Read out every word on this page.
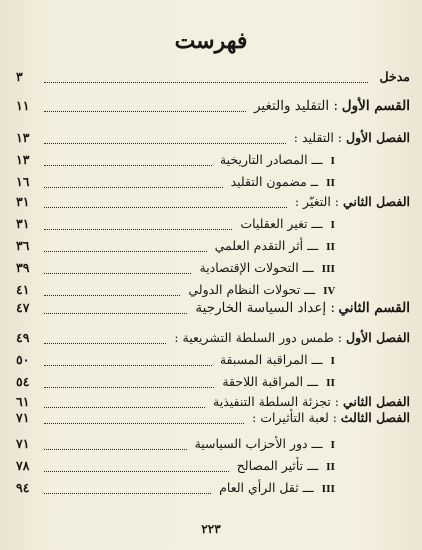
فهرست
مدخل
٣
القسم الأول
: التقليد والتغير
١١
الفصل الأول
: التقليد :
١٣
Iـــ المصادر التاريخية
١٣
IIــ مضمون التقليد
١٦
الفصل الثاني
: التغيّر :
٣١
Iـــ تغير العقليات
٣١
IIـــ أثر التقدم العلمي
٣٦
IIIـــ التحولات الإقتصادية
٣٩
IVـــ تحولات النظام الدولي
٤١
القسم الثاني
: إعداد السياسة الخارجية
٤٧
الفصل الأول
: طمس دور السلطة التشريعية :
٤٩
Iـــ المراقبة المسبقة
٥٠
IIـــ المراقبة اللاحقة
٥٤
الفصل الثاني
: تجزئة السلطة التنفيذية
٦١
الفصل الثالث
: لعبة التأثيرات :
٧١
Iـــ دور الأحزاب السياسية
٧١
IIـــ تأثير المصالح
٧٨
IIIـــ ثقل الرأي العام
٩٤
٢٢٣
